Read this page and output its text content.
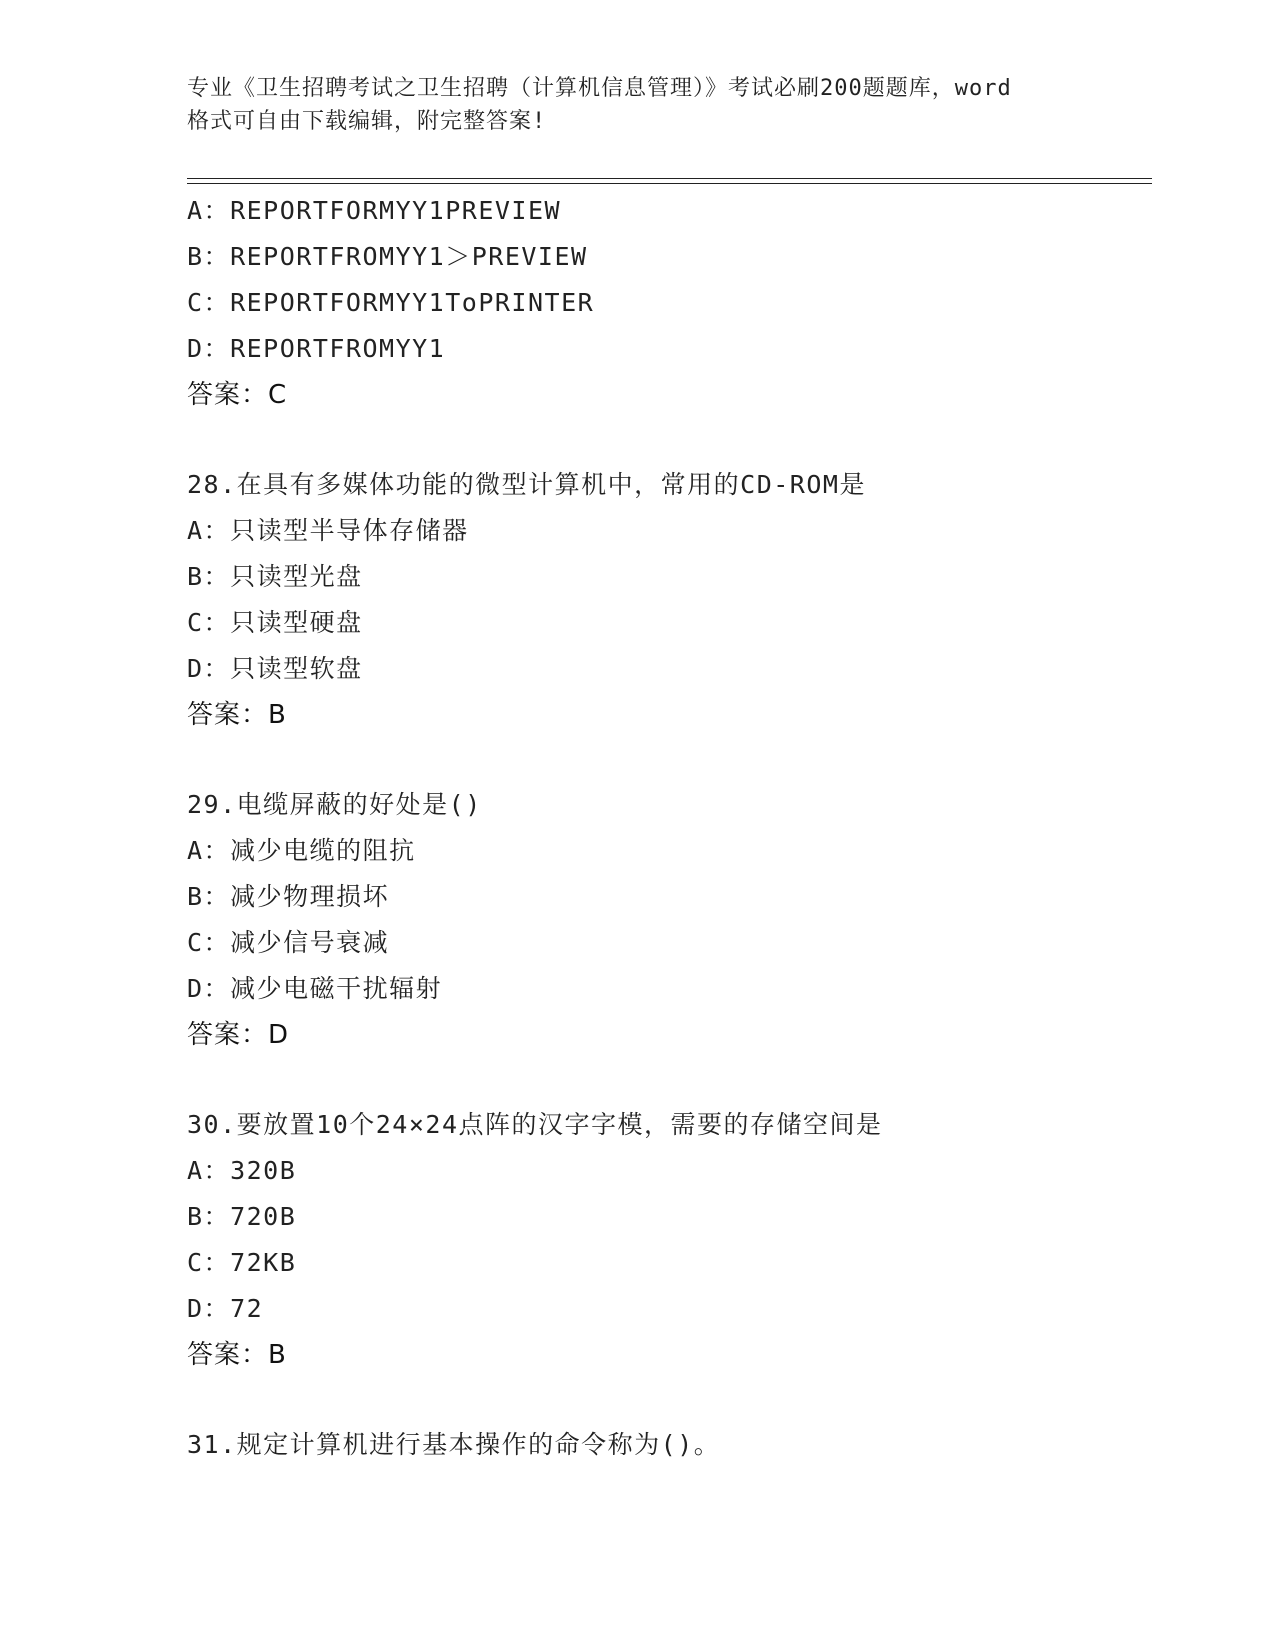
专业《卫生招聘考试之卫生招聘（计算机信息管理）》考试必刷200题题库，word
格式可自由下载编辑，附完整答案!
A：REPORTFORMYY1PREVIEW
B：REPORTFROMYY1＞PREVIEW
C：REPORTFORMYY1ToPRINTER
D：REPORTFROMYY1
答案：C
28.在具有多媒体功能的微型计算机中，常用的CD-ROM是
A：只读型半导体存储器
B：只读型光盘
C：只读型硬盘
D：只读型软盘
答案：B
29.电缆屏蔽的好处是()
A：减少电缆的阻抗
B：减少物理损坏
C：减少信号衰减
D：减少电磁干扰辐射
答案：D
30.要放置10个24×24点阵的汉字字模，需要的存储空间是
A：320B
B：720B
C：72KB
D：72
答案：B
31.规定计算机进行基本操作的命令称为()。
